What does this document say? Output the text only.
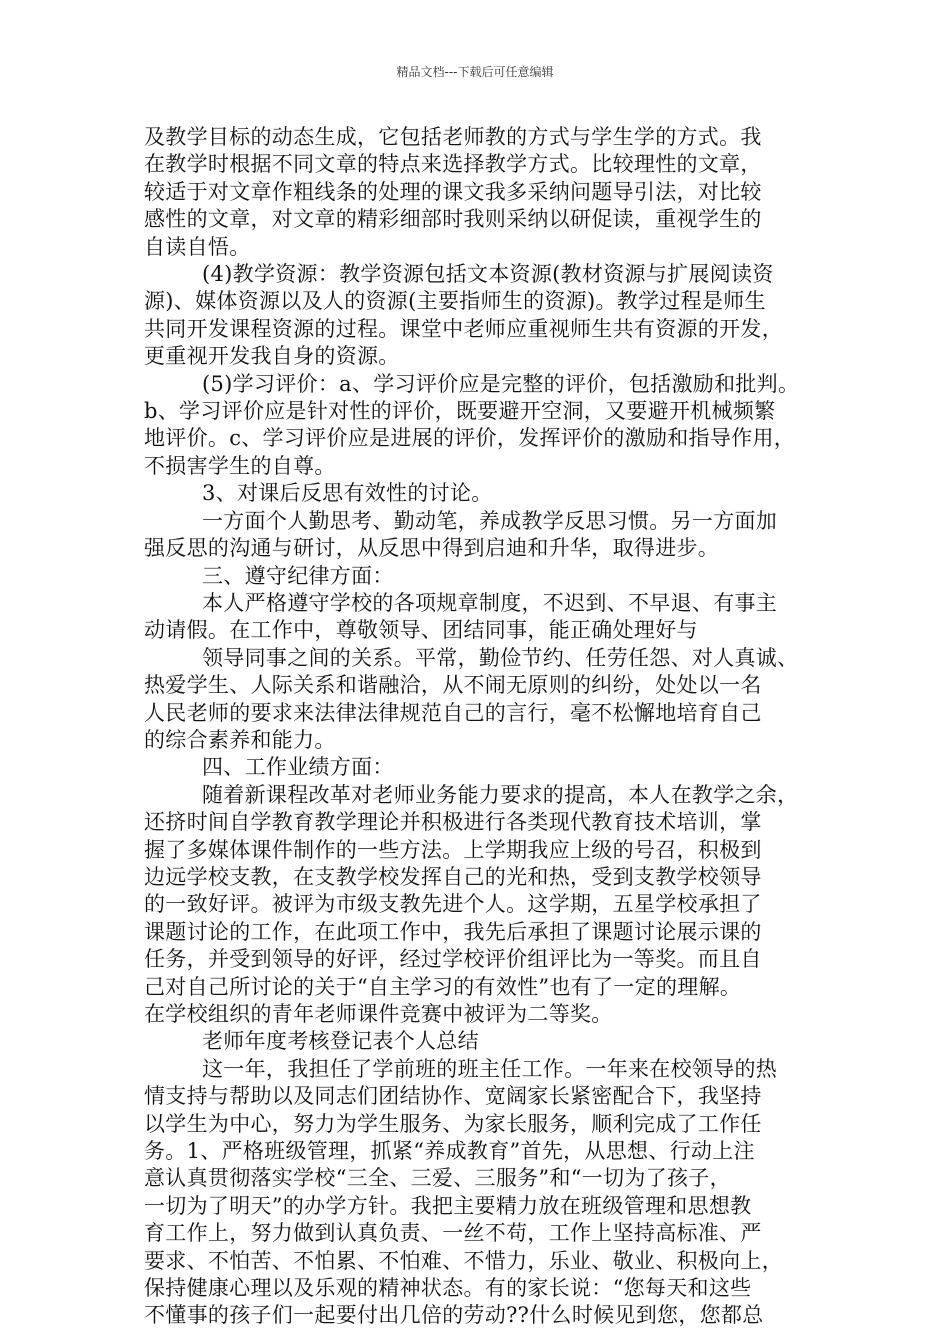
精品文档---下载后可任意编辑
及教学目标的动态生成，它包括老师教的方式与学生学的方式。我
在教学时根据不同文章的特点来选择教学方式。比较理性的文章，
较适于对文章作粗线条的处理的课文我多采纳问题导引法，对比较
感性的文章，对文章的精彩细部时我则采纳以研促读，重视学生的
自读自悟。
(4)教学资源：教学资源包括文本资源(教材资源与扩展阅读资
源)、媒体资源以及人的资源(主要指师生的资源)。教学过程是师生
共同开发课程资源的过程。课堂中老师应重视师生共有资源的开发，
更重视开发我自身的资源。
(5)学习评价：a、学习评价应是完整的评价，包括激励和批判。
b、学习评价应是针对性的评价，既要避开空洞，又要避开机械频繁
地评价。c、学习评价应是进展的评价，发挥评价的激励和指导作用，
不损害学生的自尊。
3、对课后反思有效性的讨论。
一方面个人勤思考、勤动笔，养成教学反思习惯。另一方面加
强反思的沟通与研讨，从反思中得到启迪和升华，取得进步。
三、遵守纪律方面：
本人严格遵守学校的各项规章制度，不迟到、不早退、有事主
动请假。在工作中，尊敬领导、团结同事，能正确处理好与
领导同事之间的关系。平常，勤俭节约、任劳任怨、对人真诚、
热爱学生、人际关系和谐融洽，从不闹无原则的纠纷，处处以一名
人民老师的要求来法律法律规范自己的言行，毫不松懈地培育自己
的综合素养和能力。
四、工作业绩方面：
随着新课程改革对老师业务能力要求的提高，本人在教学之余，
还挤时间自学教育教学理论并积极进行各类现代教育技术培训，掌
握了多媒体课件制作的一些方法。上学期我应上级的号召，积极到
边远学校支教，在支教学校发挥自己的光和热，受到支教学校领导
的一致好评。被评为市级支教先进个人。这学期，五星学校承担了
课题讨论的工作，在此项工作中，我先后承担了课题讨论展示课的
任务，并受到领导的好评，经过学校评价组评比为一等奖。而且自
己对自己所讨论的关于“自主学习的有效性”也有了一定的理解。
在学校组织的青年老师课件竞赛中被评为二等奖。
老师年度考核登记表个人总结
这一年，我担任了学前班的班主任工作。一年来在校领导的热
情支持与帮助以及同志们团结协作、宽阔家长紧密配合下，我坚持
以学生为中心，努力为学生服务、为家长服务，顺利完成了工作任
务。1、严格班级管理，抓紧“养成教育”首先，从思想、行动上注
意认真贯彻落实学校“三全、三爱、三服务”和“一切为了孩子，
一切为了明天”的办学方针。我把主要精力放在班级管理和思想教
育工作上，努力做到认真负责、一丝不苟，工作上坚持高标准、严
要求、不怕苦、不怕累、不怕难、不惜力，乐业、敬业、积极向上，
保持健康心理以及乐观的精神状态。有的家长说：“您每天和这些
不懂事的孩子们一起要付出几倍的劳动??什么时候见到您，您都总
